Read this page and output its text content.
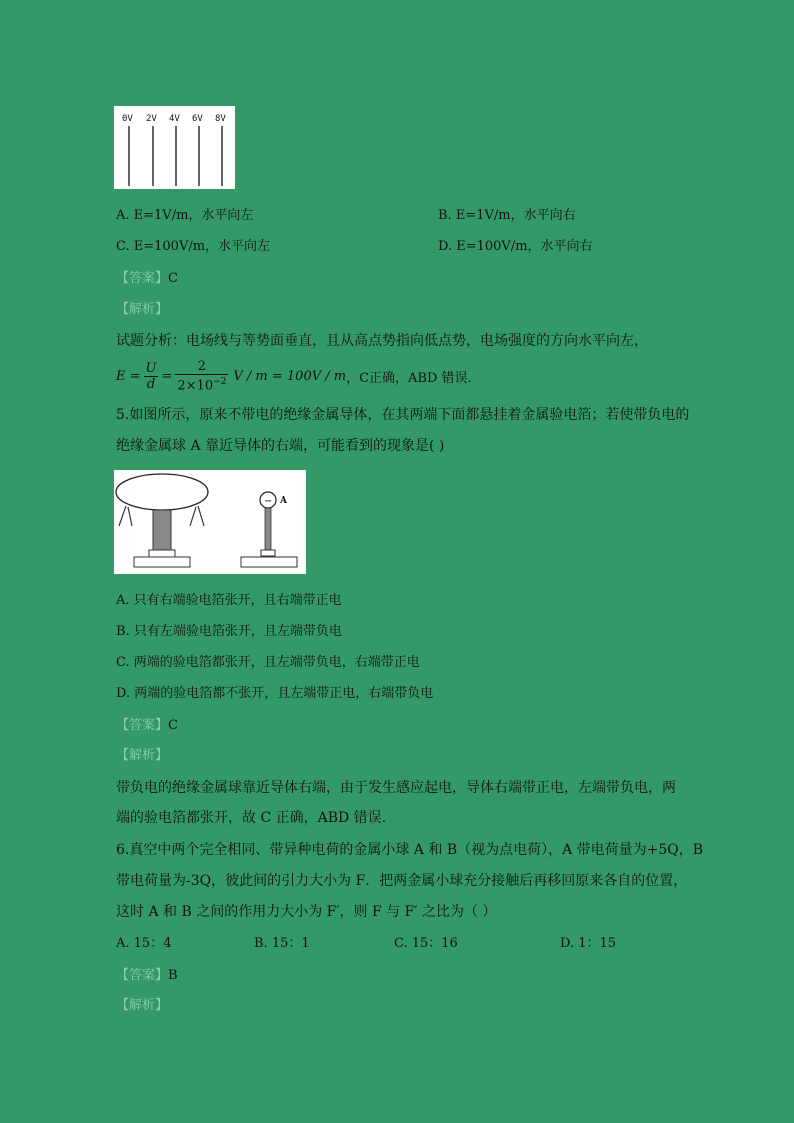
0V 2V 4V 6V 8V
A. E=1V/m，水平向左	B. E=1V/m，水平向右
C. E=100V/m，水平向左	D. E=100V/m，水平向右
【答案】C
【解析】
试题分析：电场线与等势面垂直，且从高点势指向低点势，电场强度的方向水平向左，
$E = \frac{U}{d} = \frac{2}{2\times 10^{-2}}$ V / m = 100V / m ，C正确，ABD 错误.
5.如图所示，原来不带电的绝缘金属导体，在其两端下面都悬挂着金属验电箔；若使带负电的
绝缘金属球 A 靠近导体的右端，可能看到的现象是( )
− A
A. 只有右端验电箔张开，且右端带正电
B. 只有左端验电箔张开，且左端带负电
C. 两端的验电箔都张开，且左端带负电，右端带正电
D. 两端的验电箔都不张开，且左端带正电，右端带负电
【答案】C
【解析】
带负电的绝缘金属球靠近导体右端，由于发生感应起电，导体右端带正电，左端带负电，两
端的验电箔都张开，故 C 正确，ABD 错误.
6.真空中两个完全相同、带异种电荷的金属小球 A 和 B（视为点电荷），A 带电荷量为+5Q，B
带电荷量为-3Q，彼此间的引力大小为 F．把两金属小球充分接触后再移回原来各自的位置，
这时 A 和 B 之间的作用力大小为 F′，则 F 与 F′ 之比为（ ）
A. 15：4	B. 15：1	C. 15：16	D. 1：15
【答案】B
【解析】
